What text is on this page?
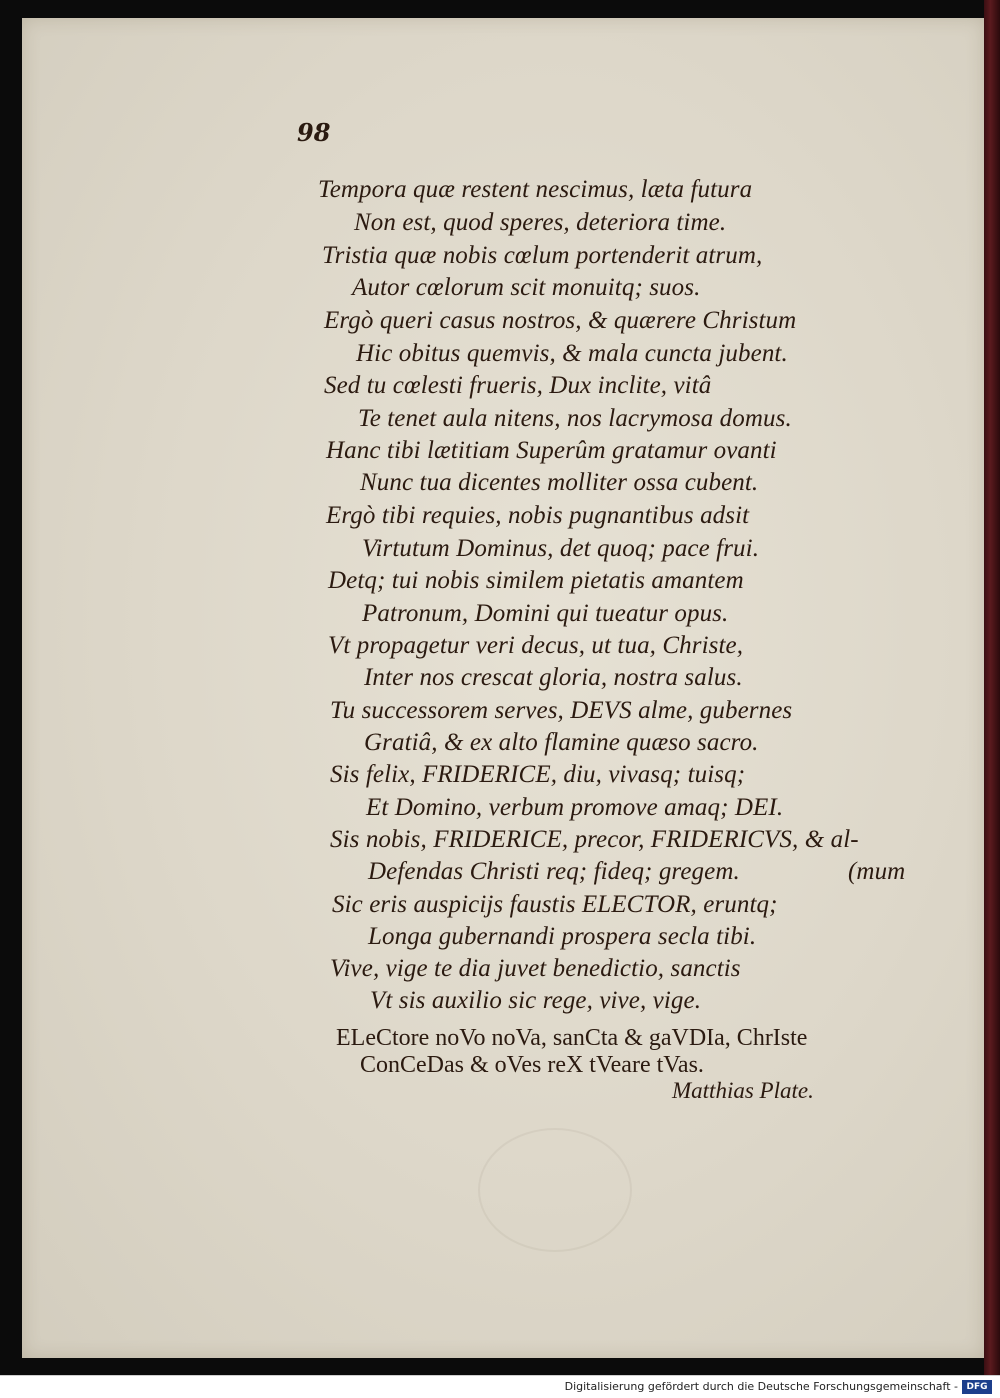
98
Tempora quæ restent nescimus, læta futura
Non est, quod speres, deteriora time.
Tristia quæ nobis cœlum portenderit atrum,
Autor cœlorum scit monuitq; suos.
Ergò queri casus nostros, & quærere Christum
Hic obitus quemvis, & mala cuncta jubent.
Sed tu cœlesti frueris, Dux inclite, vitâ
Te tenet aula nitens, nos lacrymosa domus.
Hanc tibi lætitiam Superûm gratamur ovanti
Nunc tua dicentes molliter ossa cubent.
Ergò tibi requies, nobis pugnantibus adsit
Virtutum Dominus, det quoq; pace frui.
Detq; tui nobis similem pietatis amantem
Patronum, Domini qui tueatur opus.
Vt propagetur veri decus, ut tua, Christe,
Inter nos crescat gloria, nostra salus.
Tu successorem serves, DEVS alme, gubernes
Gratiâ, & ex alto flamine quæso sacro.
Sis felix, FRIDERICE, diu, vivasq; tuisq;
Et Domino, verbum promove amaq; DEI.
Sis nobis, FRIDERICE, precor, FRIDERICVS, & al-
Defendas Christi req; fideq; gregem.	(mum
Sic eris auspicijs faustis ELECTOR, eruntq;
Longa gubernandi prospera secla tibi.
Vive, vige te dia juvet benedictio, sanctis
Vt sis auxilio sic rege, vive, vige.
ELeCtore noVo noVa, sanCta & gaVDIa, ChrIste
ConCeDas & oVes reX tVeare tVas.
Matthias Plate.
Digitalisierung gefördert durch die Deutsche Forschungsgemeinschaft - DFG
